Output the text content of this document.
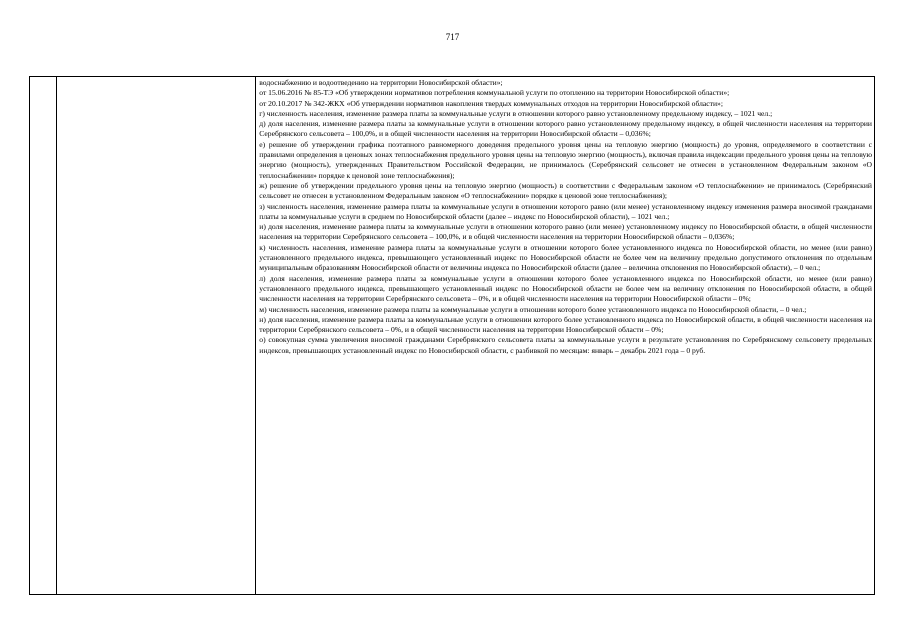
717

водоснабжению и водоотведению на территории Новосибирской области»;

от 15.06.2016 № 85-ТЭ «Об утверждении нормативов потребления коммунальной услуги по отоплению на территории Новосибирской области»;

от 20.10.2017 № 342-ЖКХ «Об утверждении нормативов накопления твердых коммунальных отходов на территории Новосибирской области»;

г) численность населения, изменение размера платы за коммунальные услуги в отношении которого равно установленному предельному индексу, – 1021 чел.;

д) доля населения, изменение размера платы за коммунальные услуги в отношении которого равно установленному предельному индексу, в общей численности населения на территории Серебрянского сельсовета – 100,0%, и в общей численности населения на территории Новосибирской области – 0,036%;

е) решение об утверждении графика поэтапного равномерного доведения предельного уровня цены на тепловую энергию (мощность) до уровня, определяемого в соответствии с правилами определения в ценовых зонах теплоснабжения предельного уровня цены на тепловую энергию (мощность), включая правила индексации предельного уровня цены на тепловую энергию (мощность), утвержденных Правительством Российской Федерации, не принималось (Серебрянский сельсовет не отнесен в установленном Федеральным законом «О теплоснабжении» порядке к ценовой зоне теплоснабжения);

ж) решение об утверждении предельного уровня цены на тепловую энергию (мощность) в соответствии с Федеральным законом «О теплоснабжении» не принималось (Серебрянский сельсовет не отнесен в установленном Федеральным законом «О теплоснабжении» порядке к ценовой зоне теплоснабжения);

з) численность населения, изменение размера платы за коммунальные услуги в отношении которого равно (или менее) установленному индексу изменения размера вносимой гражданами платы за коммунальные услуги в среднем по Новосибирской области (далее – индекс по Новосибирской области), – 1021 чел.;

и) доля населения, изменение размера платы за коммунальные услуги в отношении которого равно (или менее) установленному индексу по Новосибирской области, в общей численности населения на территории Серебрянского сельсовета – 100,0%, и в общей численности населения на территории Новосибирской области – 0,036%;

к) численность населения, изменение размера платы за коммунальные услуги в отношении которого более установленного индекса по Новосибирской области, но менее (или равно) установленного предельного индекса, превышающего установленный индекс по Новосибирской области не более чем на величину предельно допустимого отклонения по отдельным муниципальным образованиям Новосибирской области от величины индекса по Новосибирской области (далее – величина отклонения по Новосибирской области), – 0 чел.;

л) доля населения, изменение размера платы за коммунальные услуги в отношении которого более установленного индекса по Новосибирской области, но менее (или равно) установленного предельного индекса, превышающего установленный индекс по Новосибирской области не более чем на величину отклонения по Новосибирской области, в общей численности населения на территории Серебрянского сельсовета – 0%, и в общей численности населения на территории Новосибирской области – 0%;

м) численность населения, изменение размера платы за коммунальные услуги в отношении которого более установленного индекса по Новосибирской области, – 0 чел.;

н) доля населения, изменение размера платы за коммунальные услуги в отношении которого более установленного индекса по Новосибирской области, в общей численности населения на территории Серебрянского сельсовета – 0%, и в общей численности населения на территории Новосибирской области – 0%;

о) совокупная сумма увеличения вносимой гражданами Серебрянского сельсовета платы за коммунальные услуги в результате установления по Серебрянскому сельсовету предельных индексов, превышающих установленный индекс по Новосибирской области, с разбивкой по месяцам: январь – декабрь 2021 года – 0 руб.
